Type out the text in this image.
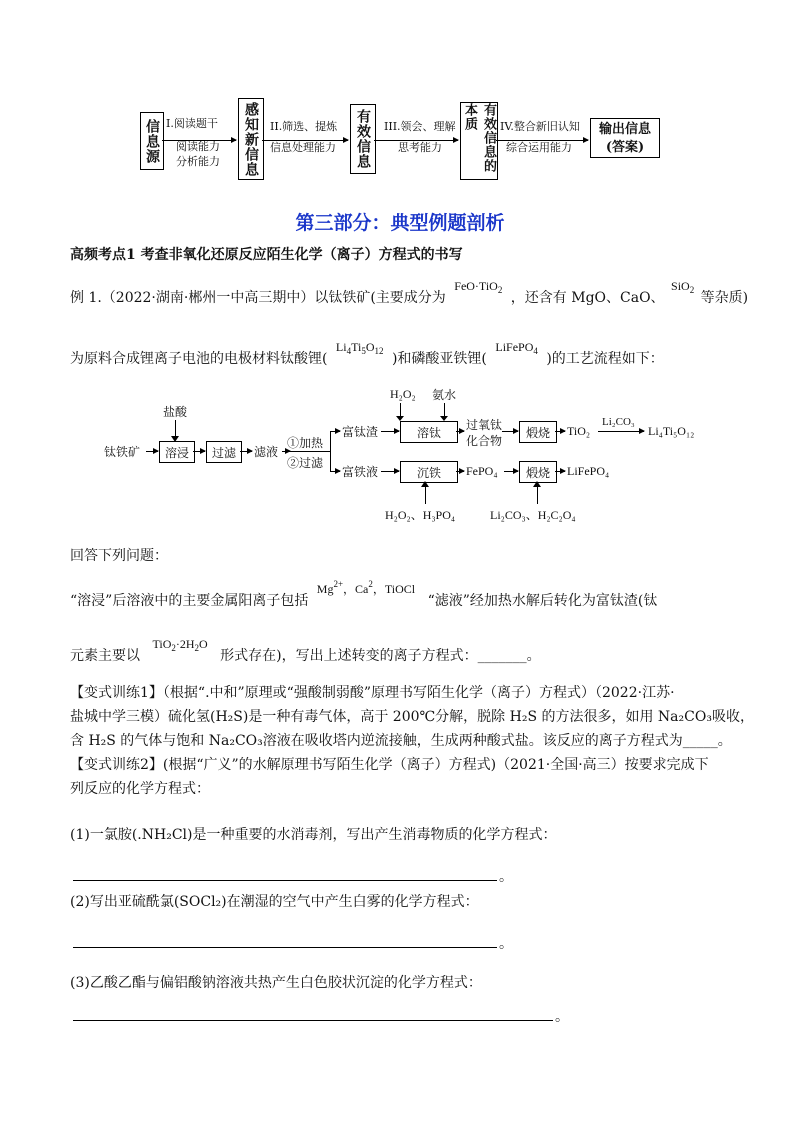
信息源 I.阅读题干
阅读能力
分析能力	感知新信息	II.筛选、提炼
信息处理能力	有效信息	III.领会、理解
思考能力	有效信息的本质	IV.整合新旧认知
综合运用能力
输出信息
(答案)
第三部分：典型例题剖析
高频考点1 考查非氧化还原反应陌生化学（离子）方程式的书写
例 1.（2022·湖南·郴州一中高三期中）以钛铁矿(主要成分为 FeO·TiO$_2$ ，还含有 MgO、CaO、 SiO$_2$ 等杂质)
为原料合成锂离子电池的电极材料钛酸锂( $Li_4Ti_5O_{12}$ )和磷酸亚铁锂( LiFePO$_4$ )的工艺流程如下：
盐酸
钛铁矿	溶浸	过滤	滤液
①加热
②过滤
富钛渣
H₂O₂ 氨水
溶钛
过氧钛
化合物
煅烧	TiO₂
Li₂CO₃
Li₄Ti₅O₁₂
富铁液	沉铁	FePO₄	煅烧	LiFePO₄
H₂O₂、H₃PO₄	Li₂CO₃、H₂C₂O₄
回答下列问题：
“溶浸”后溶液中的主要金属阳离子包括 $Mg^{2+}$，Ca$^2$，TiOCl “滤液”经加热水解后转化为富钛渣(钛
元素主要以 $TiO_2\cdot 2H_2O$ 形式存在)，写出上述转变的离子方程式：_______。
【变式训练1】（根据“.中和”原理或“强酸制弱酸”原理书写陌生化学（离子）方程式）（2022·江苏·
盐城中学三模）硫化氢(H₂S)是一种有毒气体，高于 200℃分解，脱除 H₂S 的方法很多，如用 Na₂CO₃吸收，
含 H₂S 的气体与饱和 Na₂CO₃溶液在吸收塔内逆流接触，生成两种酸式盐。该反应的离子方程式为_____。
【变式训练2】(根据“广义”的水解原理书写陌生化学（离子）方程式)（2021·全国·高三）按要求完成下
列反应的化学方程式：
(1)一氯胺(.NH₂Cl)是一种重要的水消毒剂，写出产生消毒物质的化学方程式：
。
(2)写出亚硫酰氯(SOCl₂)在潮湿的空气中产生白雾的化学方程式：
。
(3)乙酸乙酯与偏铝酸钠溶液共热产生白色胶状沉淀的化学方程式：
。
